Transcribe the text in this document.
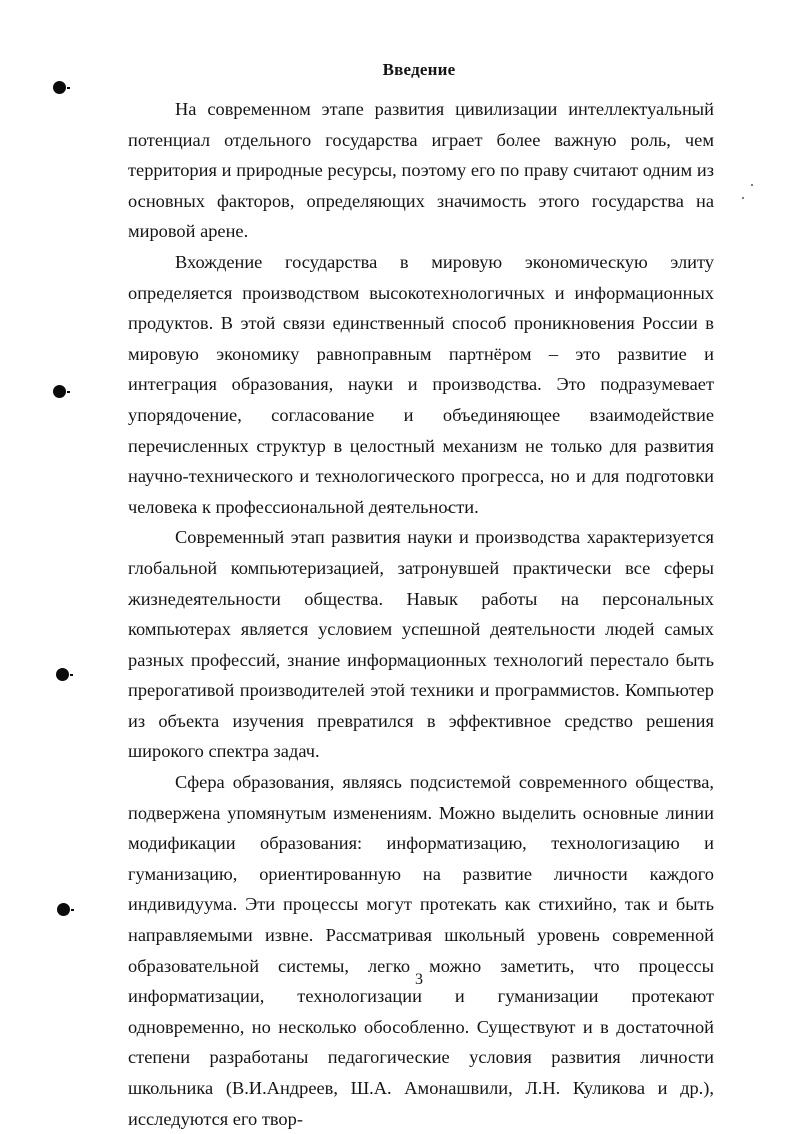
Введение

На современном этапе развития цивилизации интеллектуальный потенциал отдельного государства играет более важную роль, чем территория и природные ресурсы, поэтому его по праву считают одним из основных факторов, определяющих значимость этого государства на мировой арене.

Вхождение государства в мировую экономическую элиту определяется производством высокотехнологичных и информационных продуктов. В этой связи единственный способ проникновения России в мировую экономику равноправным партнёром – это развитие и интеграция образования, науки и производства. Это подразумевает упорядочение, согласование и объединяющее взаимодействие перечисленных структур в целостный механизм не только для развития научно-технического и технологического прогресса, но и для подготовки человека к профессиональной деятельности.

Современный этап развития науки и производства характеризуется глобальной компьютеризацией, затронувшей практически все сферы жизнедеятельности общества. Навык работы на персональных компьютерах является условием успешной деятельности людей самых разных профессий, знание информационных технологий перестало быть прерогативой производителей этой техники и программистов. Компьютер из объекта изучения превратился в эффективное средство решения широкого спектра задач.

Сфера образования, являясь подсистемой современного общества, подвержена упомянутым изменениям. Можно выделить основные линии модификации образования: информатизацию, технологизацию и гуманизацию, ориентированную на развитие личности каждого индивидуума. Эти процессы могут протекать как стихийно, так и быть направляемыми извне. Рассматривая школьный уровень современной образовательной системы, легко можно заметить, что процессы информатизации, технологизации и гуманизации протекают одновременно, но несколько обособленно. Существуют и в достаточной степени разработаны педагогические условия развития личности школьника (В.И.Андреев, Ш.А. Амонашвили, Л.Н. Куликова и др.), исследуются его твор-

3
